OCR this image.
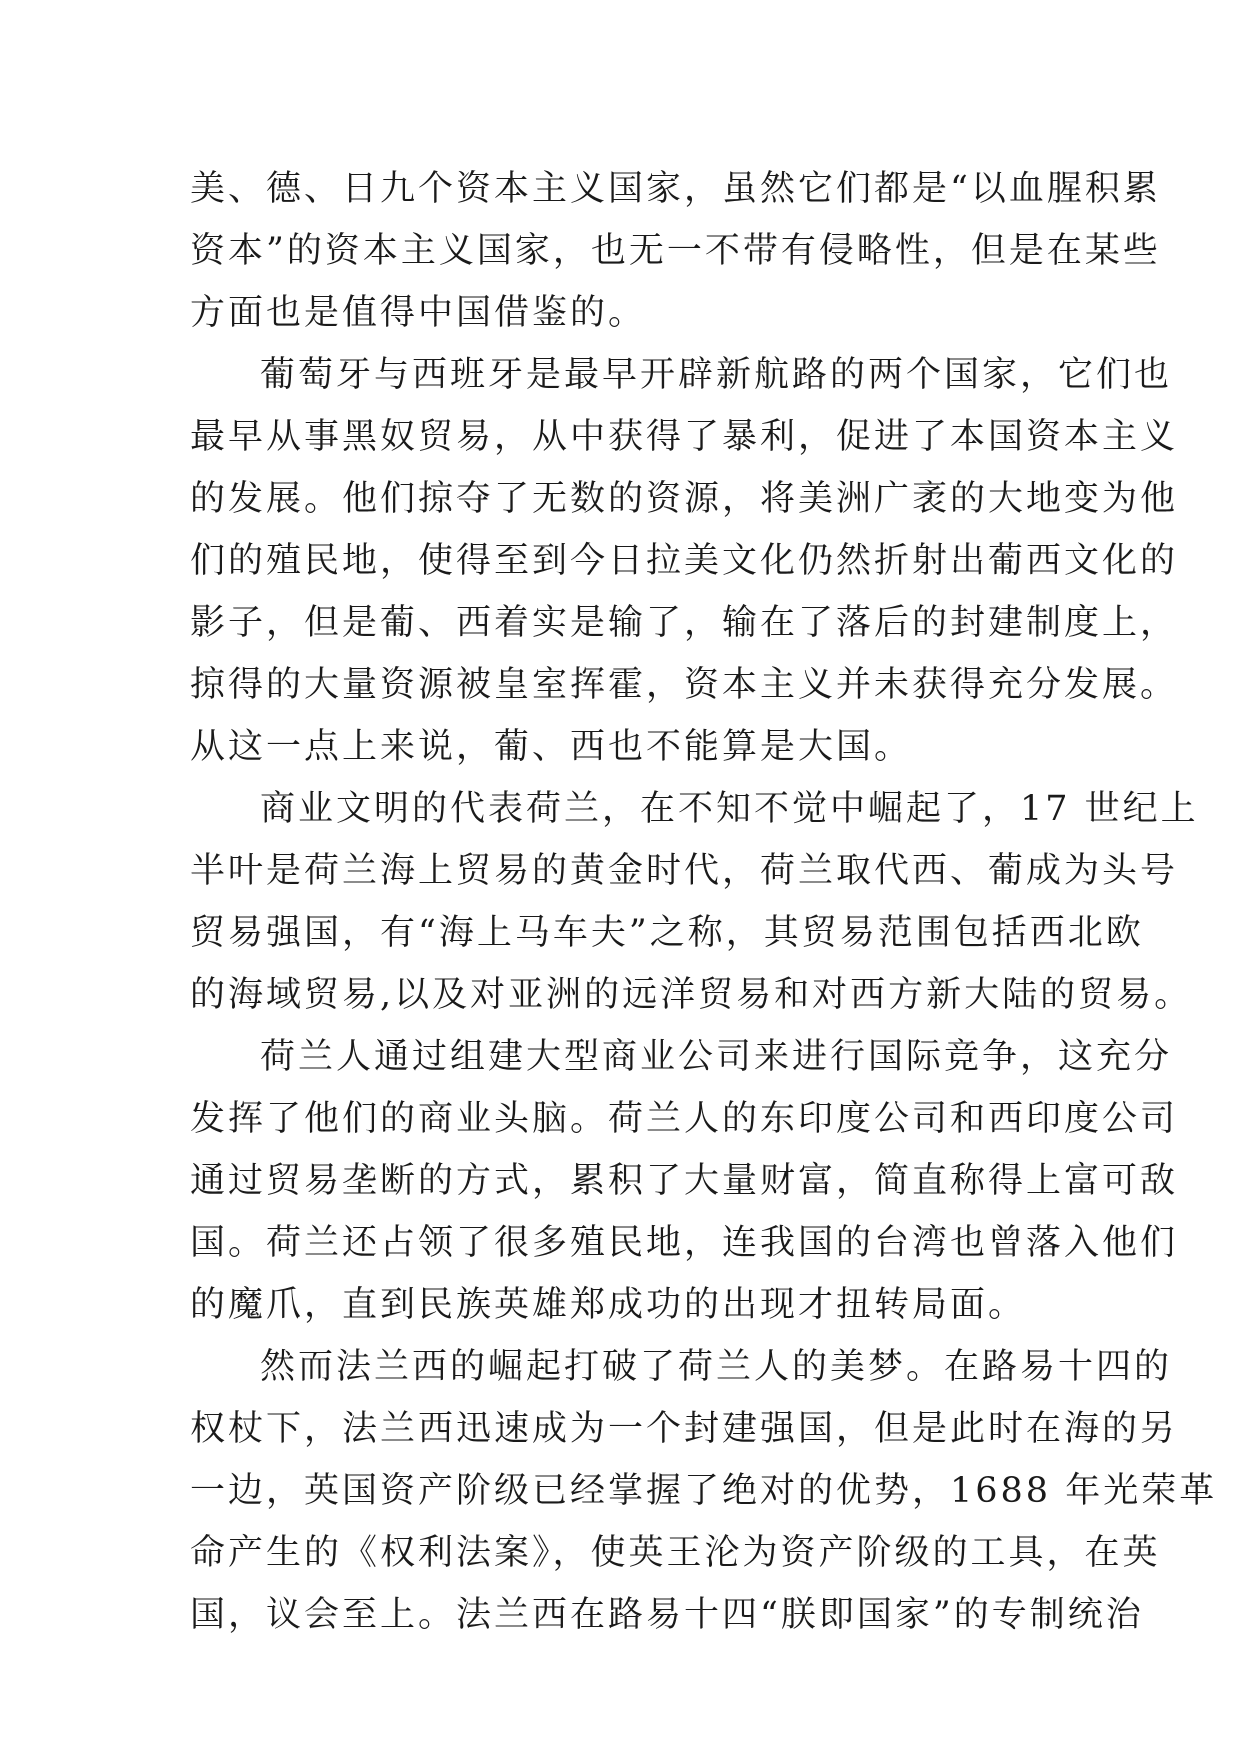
美、德、日九个资本主义国家，虽然它们都是“以血腥积累
资本”的资本主义国家，也无一不带有侵略性，但是在某些
方面也是值得中国借鉴的。
葡萄牙与西班牙是最早开辟新航路的两个国家，它们也
最早从事黑奴贸易，从中获得了暴利，促进了本国资本主义
的发展。他们掠夺了无数的资源，将美洲广袤的大地变为他
们的殖民地，使得至到今日拉美文化仍然折射出葡西文化的
影子，但是葡、西着实是输了，输在了落后的封建制度上，
掠得的大量资源被皇室挥霍，资本主义并未获得充分发展。
从这一点上来说，葡、西也不能算是大国。
商业文明的代表荷兰，在不知不觉中崛起了，17 世纪上
半叶是荷兰海上贸易的黄金时代，荷兰取代西、葡成为头号
贸易强国，有“海上马车夫”之称，其贸易范围包括西北欧
的海域贸易,以及对亚洲的远洋贸易和对西方新大陆的贸易。
荷兰人通过组建大型商业公司来进行国际竞争，这充分
发挥了他们的商业头脑。荷兰人的东印度公司和西印度公司
通过贸易垄断的方式，累积了大量财富，简直称得上富可敌
国。荷兰还占领了很多殖民地，连我国的台湾也曾落入他们
的魔爪，直到民族英雄郑成功的出现才扭转局面。
然而法兰西的崛起打破了荷兰人的美梦。在路易十四的
权杖下，法兰西迅速成为一个封建强国，但是此时在海的另
一边，英国资产阶级已经掌握了绝对的优势，1688 年光荣革
命产生的《权利法案》，使英王沦为资产阶级的工具，在英
国，议会至上。法兰西在路易十四“朕即国家”的专制统治
